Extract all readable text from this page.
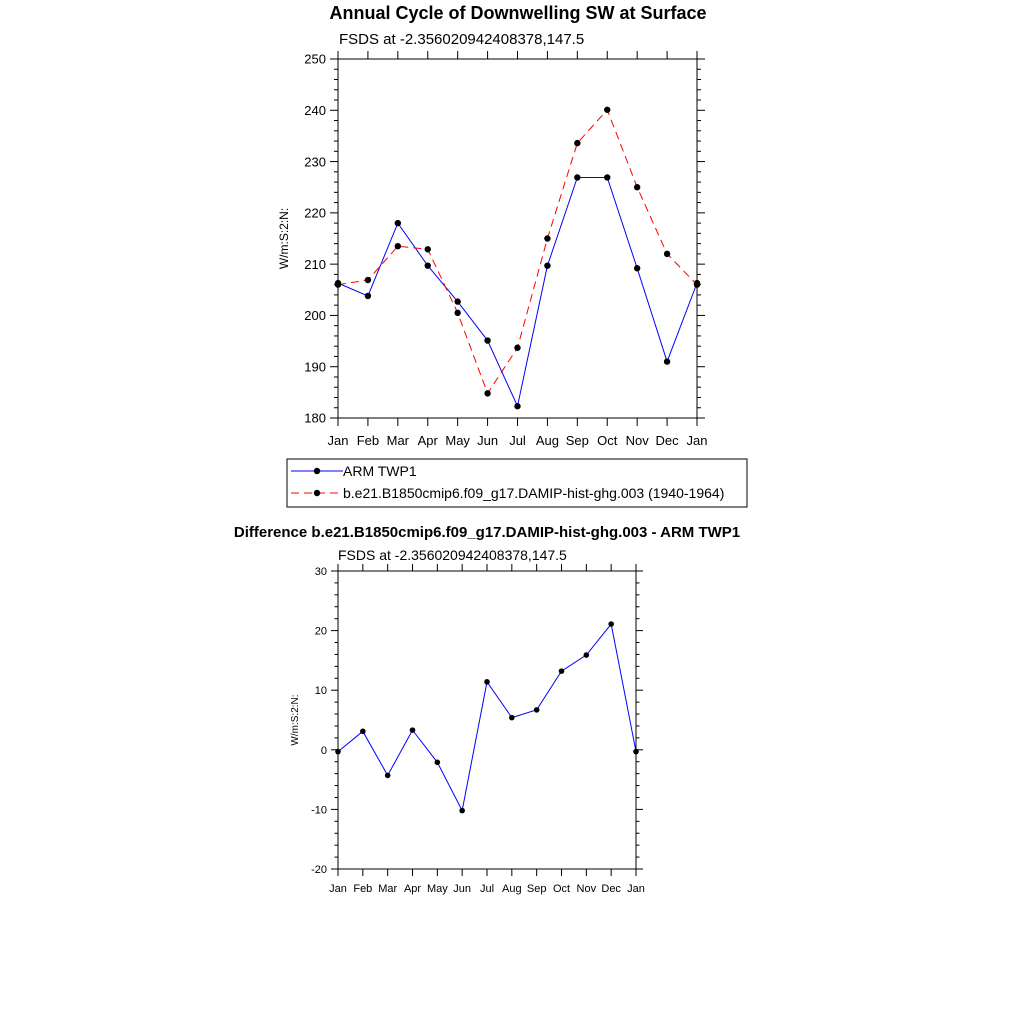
Annual Cycle of Downwelling SW at Surface
FSDS at -2.356020942408378,147.5
180
190
200
210
220
230
240
250
Jan Feb Mar Apr May Jun Jul Aug Sep Oct Nov Dec Jan
W/m:S:2:N:
ARM TWP1
b.e21.B1850cmip6.f09_g17.DAMIP-hist-ghg.003 (1940-1964)
Difference b.e21.B1850cmip6.f09_g17.DAMIP-hist-ghg.003 - ARM TWP1
FSDS at -2.356020942408378,147.5
-20
-10
0
10
20
30
Jan Feb Mar Apr May Jun Jul Aug Sep Oct Nov Dec Jan
W/m:S:2:N:
